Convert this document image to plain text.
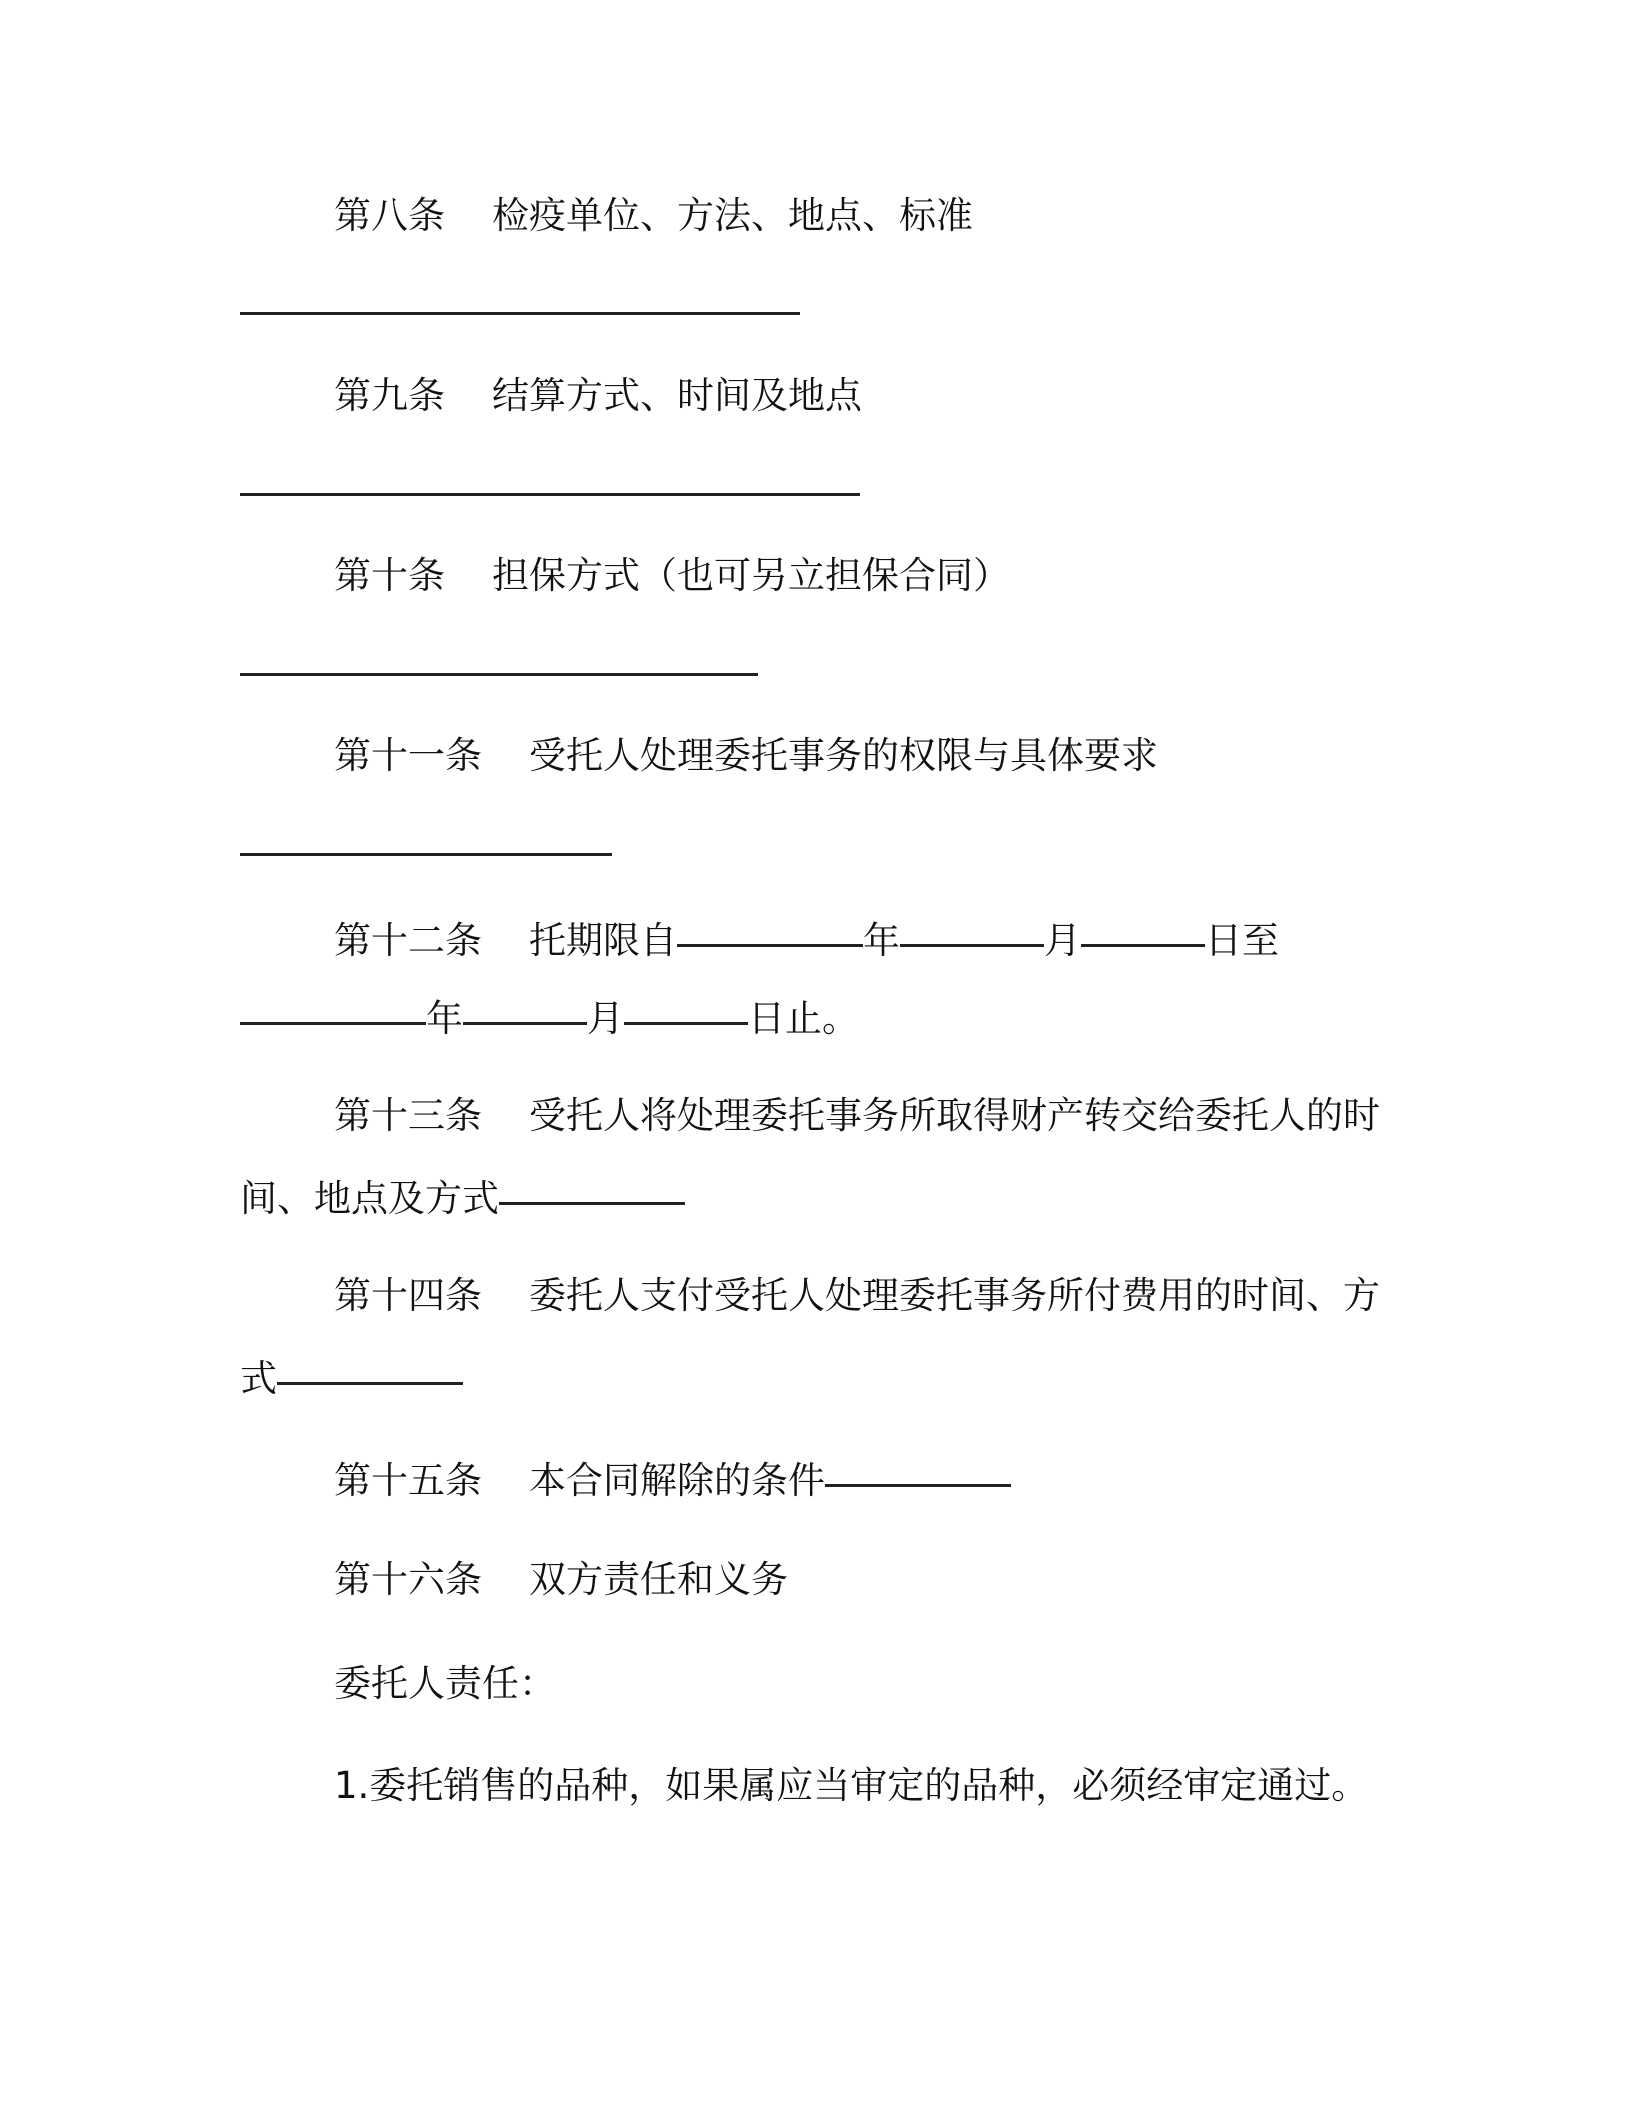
第八条 检疫单位、方法、地点、标准
第九条 结算方式、时间及地点
第十条 担保方式（也可另立担保合同）
第十一条 受托人处理委托事务的权限与具体要求
第十二条 托期限自	年	月	日至
年	月	日止。
第十三条 受托人将处理委托事务所取得财产转交给委托人的时
间、地点及方式
第十四条 委托人支付受托人处理委托事务所付费用的时间、方
式
第十五条 本合同解除的条件
第十六条 双方责任和义务
委托人责任：
1.委托销售的品种，如果属应当审定的品种，必须经审定通过。
